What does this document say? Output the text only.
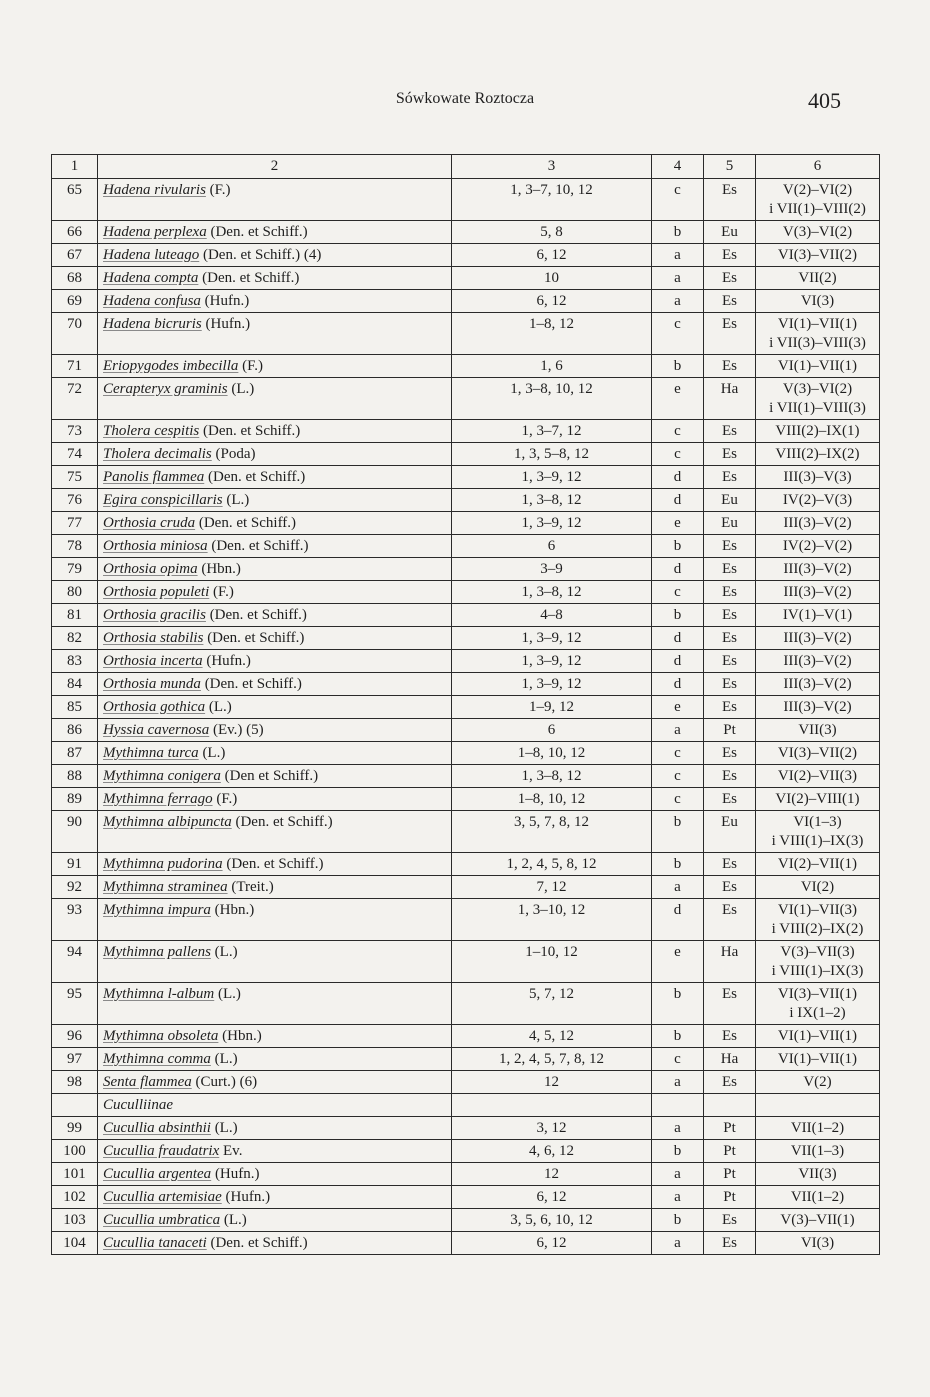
Sówkowate Roztocza	405
1	2	3	4	5	6
65	Hadena rivularis (F.)	1, 3–7, 10, 12	c	Es	V(2)–VI(2)
i VII(1)–VIII(2)

66	Hadena perplexa (Den. et Schiff.)	5, 8	b	Eu	V(3)–VI(2)

67	Hadena luteago (Den. et Schiff.) (4)	6, 12	a	Es	VI(3)–VII(2)

68	Hadena compta (Den. et Schiff.)	10	a	Es	VII(2)

69	Hadena confusa (Hufn.)	6, 12	a	Es	VI(3)

70	Hadena bicruris (Hufn.)	1–8, 12	c	Es	VI(1)–VII(1)
i VII(3)–VIII(3)

71	Eriopygodes imbecilla (F.)	1, 6	b	Es	VI(1)–VII(1)

72	Cerapteryx graminis (L.)	1, 3–8, 10, 12	e	Ha	V(3)–VI(2)
i VII(1)–VIII(3)

73	Tholera cespitis (Den. et Schiff.)	1, 3–7, 12	c	Es	VIII(2)–IX(1)

74	Tholera decimalis (Poda)	1, 3, 5–8, 12	c	Es	VIII(2)–IX(2)

75	Panolis flammea (Den. et Schiff.)	1, 3–9, 12	d	Es	III(3)–V(3)

76	Egira conspicillaris (L.)	1, 3–8, 12	d	Eu	IV(2)–V(3)

77	Orthosia cruda (Den. et Schiff.)	1, 3–9, 12	e	Eu	III(3)–V(2)

78	Orthosia miniosa (Den. et Schiff.)	6	b	Es	IV(2)–V(2)

79	Orthosia opima (Hbn.)	3–9	d	Es	III(3)–V(2)

80	Orthosia populeti (F.)	1, 3–8, 12	c	Es	III(3)–V(2)

81	Orthosia gracilis (Den. et Schiff.)	4–8	b	Es	IV(1)–V(1)

82	Orthosia stabilis (Den. et Schiff.)	1, 3–9, 12	d	Es	III(3)–V(2)

83	Orthosia incerta (Hufn.)	1, 3–9, 12	d	Es	III(3)–V(2)

84	Orthosia munda (Den. et Schiff.)	1, 3–9, 12	d	Es	III(3)–V(2)

85	Orthosia gothica (L.)	1–9, 12	e	Es	III(3)–V(2)

86	Hyssia cavernosa (Ev.) (5)	6	a	Pt	VII(3)

87	Mythimna turca (L.)	1–8, 10, 12	c	Es	VI(3)–VII(2)

88	Mythimna conigera (Den et Schiff.)	1, 3–8, 12	c	Es	VI(2)–VII(3)

89	Mythimna ferrago (F.)	1–8, 10, 12	c	Es	VI(2)–VIII(1)

90	Mythimna albipuncta (Den. et Schiff.)	3, 5, 7, 8, 12	b	Eu	VI(1–3)
i VIII(1)–IX(3)

91	Mythimna pudorina (Den. et Schiff.)	1, 2, 4, 5, 8, 12	b	Es	VI(2)–VII(1)

92	Mythimna straminea (Treit.)	7, 12	a	Es	VI(2)

93	Mythimna impura (Hbn.)	1, 3–10, 12	d	Es	VI(1)–VII(3)
i VIII(2)–IX(2)

94	Mythimna pallens (L.)	1–10, 12	e	Ha	V(3)–VII(3)
i VIII(1)–IX(3)

95	Mythimna l-album (L.)	5, 7, 12	b	Es	VI(3)–VII(1)
i IX(1–2)

96	Mythimna obsoleta (Hbn.)	4, 5, 12	b	Es	VI(1)–VII(1)

97	Mythimna comma (L.)	1, 2, 4, 5, 7, 8, 12	c	Ha	VI(1)–VII(1)

98	Senta flammea (Curt.) (6)	12	a	Es	V(2)

	Cuculliinae				

99	Cucullia absinthii (L.)	3, 12	a	Pt	VII(1–2)

100	Cucullia fraudatrix Ev.	4, 6, 12	b	Pt	VII(1–3)

101	Cucullia argentea (Hufn.)	12	a	Pt	VII(3)

102	Cucullia artemisiae (Hufn.)	6, 12	a	Pt	VII(1–2)

103	Cucullia umbratica (L.)	3, 5, 6, 10, 12	b	Es	V(3)–VII(1)

104	Cucullia tanaceti (Den. et Schiff.)	6, 12	a	Es	VI(3)
